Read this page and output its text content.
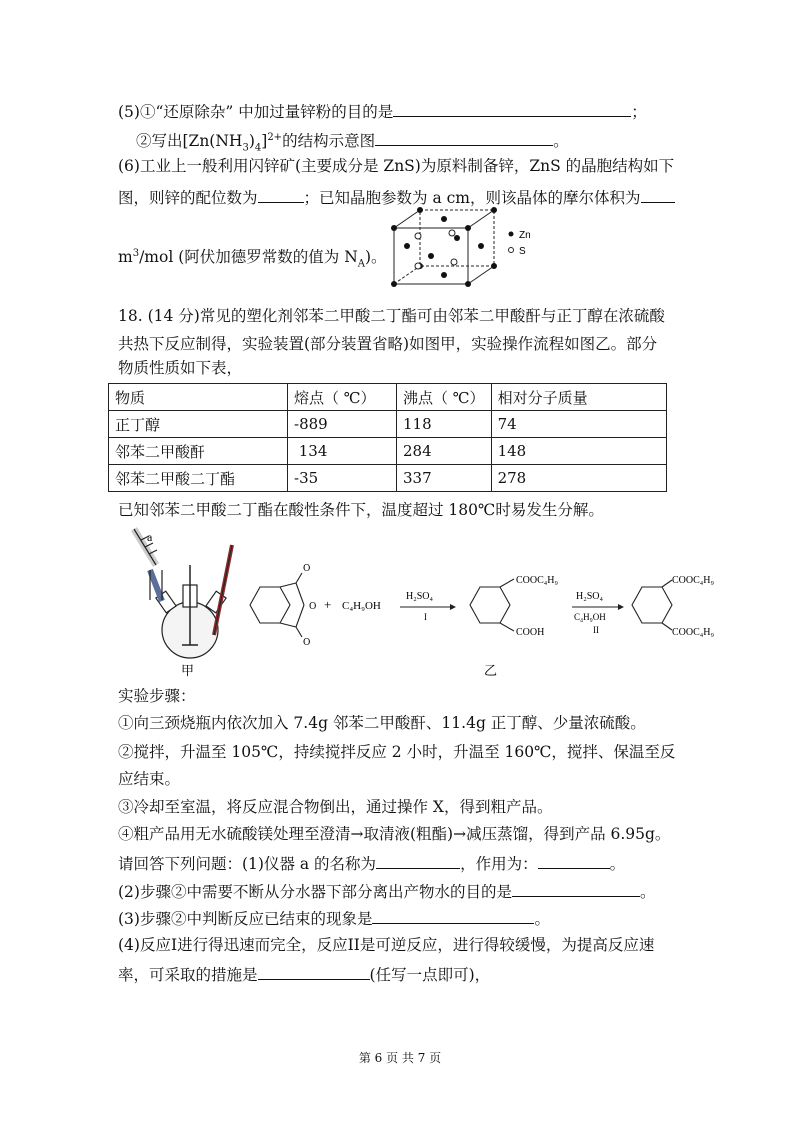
(5)①“还原除杂” 中加过量锌粉的目的是	；
②写出$[Zn(NH_3)_4]^{2+}$的结构示意图	。
(6)工业上一般利用闪锌矿(主要成分是 ZnS)为原料制备锌，ZnS 的晶胞结构如下
图，则锌的配位数为	；已知晶胞参数为 a cm，则该晶体的摩尔体积为
$m^3$/mol (阿伏加德罗常数的值为 $N_A$)。
Zn
S
18. (14 分)常见的塑化剂邻苯二甲酸二丁酯可由邻苯二甲酸酐与正丁醇在浓硫酸
共热下反应制得，实验装置(部分装置省略)如图甲，实验操作流程如图乙。部分
物质性质如下表，
物质	熔点（ ℃）	沸点（ ℃）	相对分子质量
正丁醇	-889	118	74
邻苯二甲酸酐	134	284	148
邻苯二甲酸二丁酯	-35	337	278
已知邻苯二甲酸二丁酯在酸性条件下，温度超过 180℃时易发生分解。
a
甲
O
O
O
+ C₄H₉OH
H₂SO₄
I
COOC₄H₉
COOH
乙
H₂SO₄
C₄H₉OH
II
COOC₄H₉
COOC₄H₉
实验步骤：
①向三颈烧瓶内依次加入 7.4g 邻苯二甲酸酐、11.4g 正丁醇、少量浓硫酸。
②搅拌，升温至 105℃，持续搅拌反应 2 小时，升温至 160℃，搅拌、保温至反
应结束。
③冷却至室温，将反应混合物倒出，通过操作 X，得到粗产品。
④粗产品用无水硫酸镁处理至澄清→取清液(粗酯)→减压蒸馏，得到产品 6.95g。
请回答下列问题：(1)仪器 a 的名称为	，作用为：	。
(2)步骤②中需要不断从分水器下部分离出产物水的目的是	。
(3)步骤②中判断反应已结束的现象是	。
(4)反应I进行得迅速而完全，反应II是可逆反应，进行得较缓慢，为提高反应速
率，可采取的措施是	(任写一点即可)，
第 6 页 共 7 页
